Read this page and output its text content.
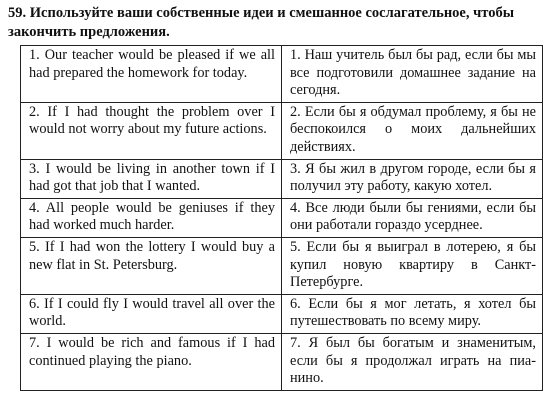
59. Используйте ваши собственные идеи и смешанное сослагательное, чтобы закончить предложения.

1. Our teacher would be pleased if we all had prepared the homework for today.	1. Наш учитель был бы рад, если бы мы все подготовили домашнее задание на сегодня.
2. If I had thought the problem over I would not worry about my future actions.	2. Если бы я обдумал проблему, я бы не беспокоился о моих дальнейших действиях.
3. I would be living in another town if I had got that job that I wanted.	3. Я бы жил в другом городе, если бы я получил эту работу, какую хотел.
4. All people would be geniuses if they had worked much harder.	4. Все люди были бы гениями, если бы они работали гораздо усерднее.
5. If I had won the lottery I would buy a new flat in St. Petersburg.	5. Если бы я выиграл в лотерею, я бы купил новую квартиру в Санкт-Петербурге.
6. If I could fly I would travel all over the world.	6. Если бы я мог летать, я хотел бы путешествовать по всему миру.
7. I would be rich and famous if I had continued playing the piano.	7. Я был бы богатым и знаменитым, если бы я продолжал играть на пианино.
